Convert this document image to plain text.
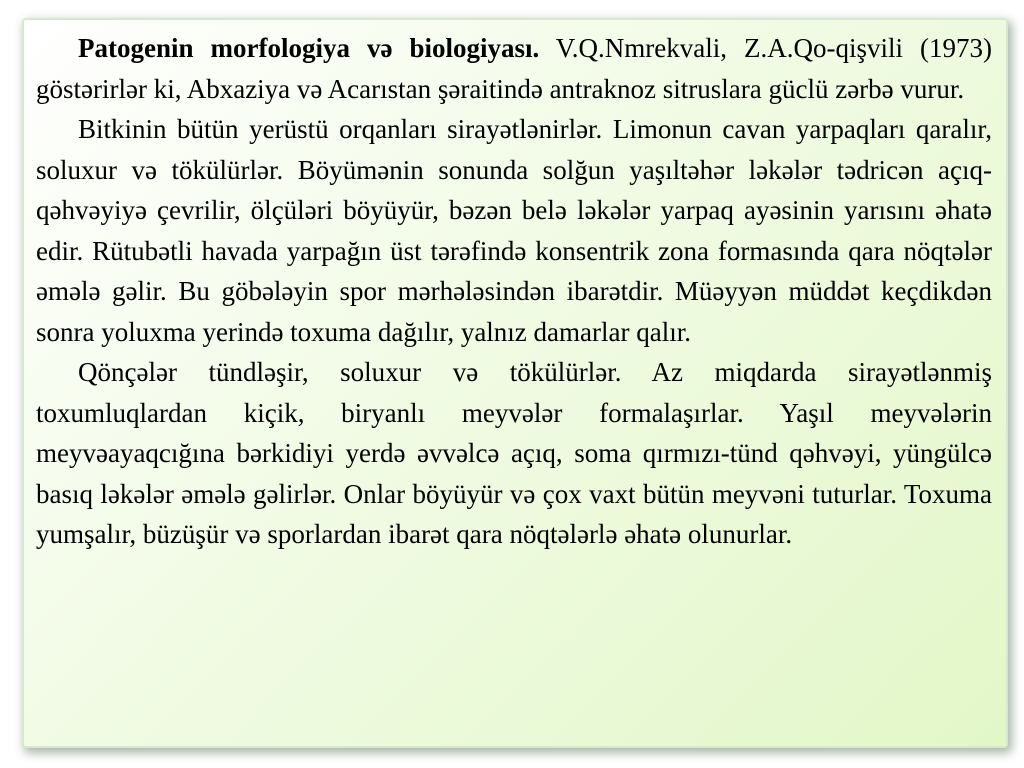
Patogenin morfologiya və biologiyası. V.Q.Nmrekvali, Z.A.Qo-qişvili (1973) göstərirlər ki, Abxaziya və Acarıstan şəraitində antraknoz sitruslara güclü zərbə vurur.

Bitkinin bütün yerüstü orqanları sirayətlənirlər. Limonun cavan yarpaqları qaralır, soluxur və tökülürlər. Böyümənin sonunda solğun yaşıltəhər ləkələr tədricən açıq-qəhvəyiyə çevrilir, ölçüləri böyüyür, bəzən belə ləkələr yarpaq ayəsinin yarısını əhatə edir. Rütubətli havada yarpağın üst tərəfində konsentrik zona formasında qara nöqtələr əmələ gəlir. Bu göbələyin spor mərhələsindən ibarətdir. Müəyyən müddət keçdikdən sonra yoluxma yerində toxuma dağılır, yalnız damarlar qalır.

Qönçələr tündləşir, soluxur və tökülürlər. Az miqdarda sirayətlənmiş toxumluqlardan kiçik, biryanlı meyvələr formalaşırlar. Yaşıl meyvələrin meyvəayaqcığına bərkidiyi yerdə əvvəlcə açıq, soma qırmızı-tünd qəhvəyi, yüngülcə basıq ləkələr əmələ gəlirlər. Onlar böyüyür və çox vaxt bütün meyvəni tuturlar. Toxuma yumşalır, büzüşür və sporlardan ibarət qara nöqtələrlə əhatə olunurlar.
